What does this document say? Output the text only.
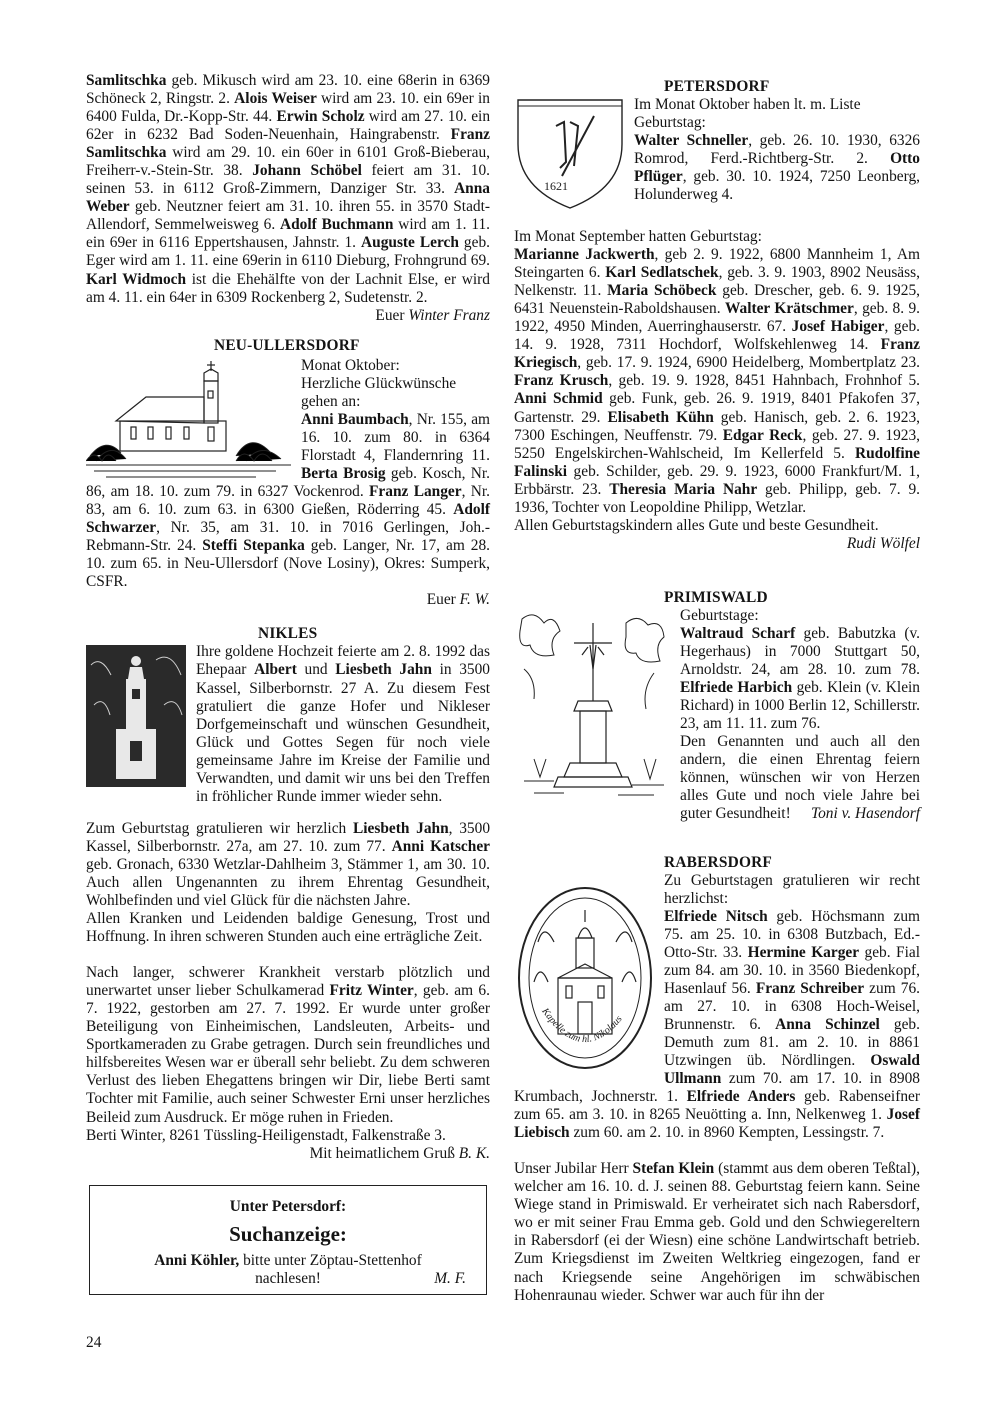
Samlitschka geb. Mikusch wird am 23. 10. eine 68erin in 6369 Schöneck 2, Ringstr. 2. Alois Weiser wird am 23. 10. ein 69er in 6400 Fulda, Dr.-Kopp-Str. 44. Erwin Scholz wird am 27. 10. ein 62er in 6232 Bad Soden-Neuenhain, Haingrabenstr. Franz Samlitschka wird am 29. 10. ein 60er in 6101 Groß-Bieberau, Freiherr-v.-Stein-Str. 38. Johann Schöbel feiert am 31. 10. seinen 53. in 6112 Groß-Zimmern, Danziger Str. 33. Anna Weber geb. Neutzner feiert am 31. 10. ihren 55. in 3570 Stadt-Allendorf, Semmelweisweg 6. Adolf Buchmann wird am 1. 11. ein 69er in 6116 Eppertshausen, Jahnstr. 1. Auguste Lerch geb. Eger wird am 1. 11. eine 69erin in 6110 Dieburg, Frohngrund 69. Karl Widmoch ist die Ehehälfte von der Lachnit Else, er wird am 4. 11. ein 64er in 6309 Rockenberg 2, Sudetenstr. 2.

Euer Winter Franz

NEU-ULLERSDORF

Monat Oktober:

Herzliche Glückwünsche gehen an:

Anni Baumbach, Nr. 155, am 16. 10. zum 80. in 6364 Florstadt 4, Flandernring 11. Berta Brosig geb. Kosch, Nr. 86, am 18. 10. zum 79. in 6327 Vockenrod. Franz Langer, Nr. 83, am 6. 10. zum 63. in 6300 Gießen, Röderring 45. Adolf Schwarzer, Nr. 35, am 31. 10. in 7016 Gerlingen, Joh.-Rebmann-Str. 24. Steffi Stepanka geb. Langer, Nr. 17, am 28. 10. zum 65. in Neu-Ullersdorf (Nove Losiny), Okres: Sumperk, CSFR.

Euer F. W.

NIKLES

Ihre goldene Hochzeit feierte am 2. 8. 1992 das Ehepaar Albert und Liesbeth Jahn in 3500 Kassel, Silberbornstr. 27 A. Zu diesem Fest gratuliert die ganze Hofer und Nikleser Dorfgemeinschaft und wünschen Gesundheit, Glück und Gottes Segen für noch viele gemeinsame Jahre im Kreise der Familie und Verwandten, und damit wir uns bei den Treffen in fröhlicher Runde immer wieder sehn.

Zum Geburtstag gratulieren wir herzlich Liesbeth Jahn, 3500 Kassel, Silberbornstr. 27a, am 27. 10. zum 77. Anni Katscher geb. Gronach, 6330 Wetzlar-Dahlheim 3, Stämmer 1, am 30. 10. Auch allen Ungenannten zu ihrem Ehrentag Gesundheit, Wohlbefinden und viel Glück für die nächsten Jahre.

Allen Kranken und Leidenden baldige Genesung, Trost und Hoffnung. In ihren schweren Stunden auch eine erträgliche Zeit.

Nach langer, schwerer Krankheit verstarb plötzlich und unerwartet unser lieber Schulkamerad Fritz Winter, geb. am 6. 7. 1922, gestorben am 27. 7. 1992. Er wurde unter großer Beteiligung von Einheimischen, Landsleuten, Arbeits- und Sportkameraden zu Grabe getragen. Durch sein freundliches und hilfsbereites Wesen war er überall sehr beliebt. Zu dem schweren Verlust des lieben Ehegattens bringen wir Dir, liebe Berti samt Tochter mit Familie, auch seiner Schwester Erni unser herzliches Beileid zum Ausdruck. Er möge ruhen in Frieden.

Berti Winter, 8261 Tüssling-Heiligenstadt, Falkenstraße 3.

Mit heimatlichem Gruß B. K.

Unter Petersdorf:
Suchanzeige:
Anni Köhler, bitte unter Zöptau-Stettenhof
nachlesen!	M. F.
PETERSDORF
1621

Im Monat Oktober haben lt. m. Liste Geburtstag:

Walter Schneller, geb. 26. 10. 1930, 6326 Romrod, Ferd.-Richtberg-Str. 2. Otto Pflüger, geb. 30. 10. 1924, 7250 Leonberg, Holunderweg 4.

Im Monat September hatten Geburtstag:

Marianne Jackwerth, geb 2. 9. 1922, 6800 Mannheim 1, Am Steingarten 6. Karl Sedlatschek, geb. 3. 9. 1903, 8902 Neusäss, Nelkenstr. 11. Maria Schöbeck geb. Drescher, geb. 6. 9. 1925, 6431 Neuenstein-Raboldshausen. Walter Krätschmer, geb. 8. 9. 1922, 4950 Minden, Auerringhauserstr. 67. Josef Habiger, geb. 14. 9. 1928, 7311 Hochdorf, Wolfskehlenweg 14. Franz Kriegisch, geb. 17. 9. 1924, 6900 Heidelberg, Mombertplatz 23. Franz Krusch, geb. 19. 9. 1928, 8451 Hahnbach, Frohnhof 5. Anni Schmid geb. Funk, geb. 26. 9. 1919, 8401 Pfakofen 37, Gartenstr. 29. Elisabeth Kühn geb. Hanisch, geb. 2. 6. 1923, 7300 Eschingen, Neuffenstr. 79. Edgar Reck, geb. 27. 9. 1923, 5250 Engelskirchen-Wahlscheid, Im Kellerfeld 5. Rudolfine Falinski geb. Schilder, geb. 29. 9. 1923, 6000 Frankfurt/M. 1, Erbbärstr. 23. Theresia Maria Nahr geb. Philipp, geb. 7. 9. 1936, Tochter von Leopoldine Philipp, Wetzlar.

Allen Geburtstagskindern alles Gute und beste Gesundheit.

Rudi Wölfel

PRIMISWALD

Geburtstage:

Waltraud Scharf geb. Babutzka (v. Hegerhaus) in 7000 Stuttgart 50, Arnoldstr. 24, am 28. 10. zum 78. Elfriede Harbich geb. Klein (v. Klein Richard) in 1000 Berlin 12, Schillerstr. 23, am 11. 11. zum 76.

Den Genannten und auch all den andern, die einen Ehrentag feiern können, wünschen wir von Herzen alles Gute und noch viele Jahre bei guter Gesundheit! Toni v. Hasendorf

RABERSDORF
Kapelle zum hl. Nikolaus

Zu Geburtstagen gratulieren wir recht herzlichst:

Elfriede Nitsch geb. Höchsmann zum 75. am 25. 10. in 6308 Butzbach, Ed.-Otto-Str. 33. Hermine Karger geb. Fial zum 84. am 30. 10. in 3560 Biedenkopf, Hasenlauf 56. Franz Schreiber zum 76. am 27. 10. in 6308 Hoch-Weisel, Brunnenstr. 6. Anna Schinzel geb. Demuth zum 81. am 2. 10. in 8861 Utzwingen üb. Nördlingen. Oswald Ullmann zum 70. am 17. 10. in 8908 Krumbach, Jochnerstr. 1. Elfriede Anders geb. Rabenseifner zum 65. am 3. 10. in 8265 Neuötting a. Inn, Nelkenweg 1. Josef Liebisch zum 60. am 2. 10. in 8960 Kempten, Lessingstr. 7.

Unser Jubilar Herr Stefan Klein (stammt aus dem oberen Teßtal), welcher am 16. 10. d. J. seinen 88. Geburtstag feiern kann. Seine Wiege stand in Primiswald. Er verheiratet sich nach Rabersdorf, wo er mit seiner Frau Emma geb. Gold und den Schwiegereltern in Rabersdorf (ei der Wiesn) eine schöne Landwirtschaft betrieb. Zum Kriegsdienst im Zweiten Weltkrieg eingezogen, fand er nach Kriegsende seine Angehörigen im schwäbischen Hohenraunau wieder. Schwer war auch für ihn der

24
